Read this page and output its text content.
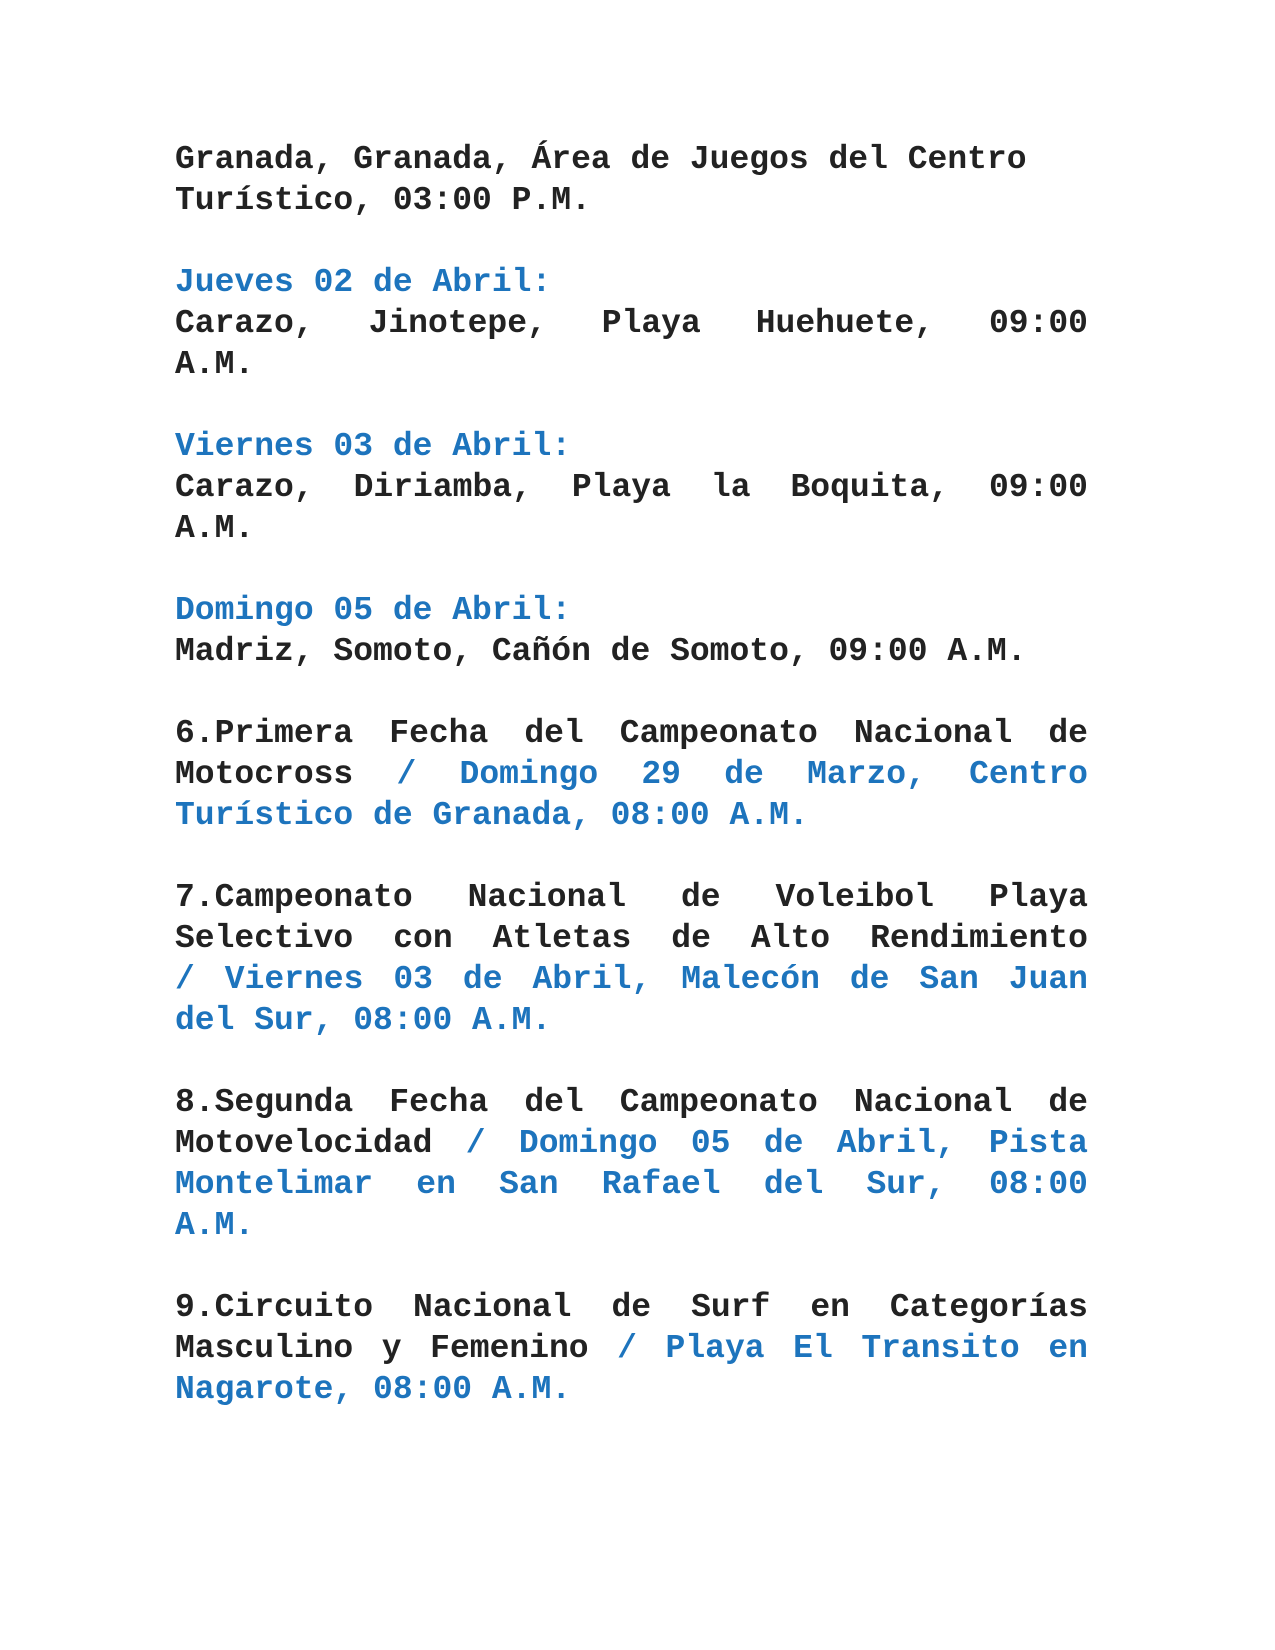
Granada, Granada, Área de Juegos del Centro
Turístico, 03:00 P.M.
Jueves 02 de Abril:
Carazo, Jinotepe, Playa Huehuete, 09:00
A.M.
Viernes 03 de Abril:
Carazo, Diriamba, Playa la Boquita, 09:00
A.M.
Domingo 05 de Abril:
Madriz, Somoto, Cañón de Somoto, 09:00 A.M.
6.Primera Fecha del Campeonato Nacional de
Motocross / Domingo 29 de Marzo, Centro
Turístico de Granada, 08:00 A.M.
7.Campeonato Nacional de Voleibol Playa
Selectivo con Atletas de Alto Rendimiento
/ Viernes 03 de Abril, Malecón de San Juan
del Sur, 08:00 A.M.
8.Segunda Fecha del Campeonato Nacional de
Motovelocidad / Domingo 05 de Abril, Pista
Montelimar en San Rafael del Sur, 08:00
A.M.
9.Circuito Nacional de Surf en Categorías
Masculino y Femenino / Playa El Transito en
Nagarote, 08:00 A.M.
